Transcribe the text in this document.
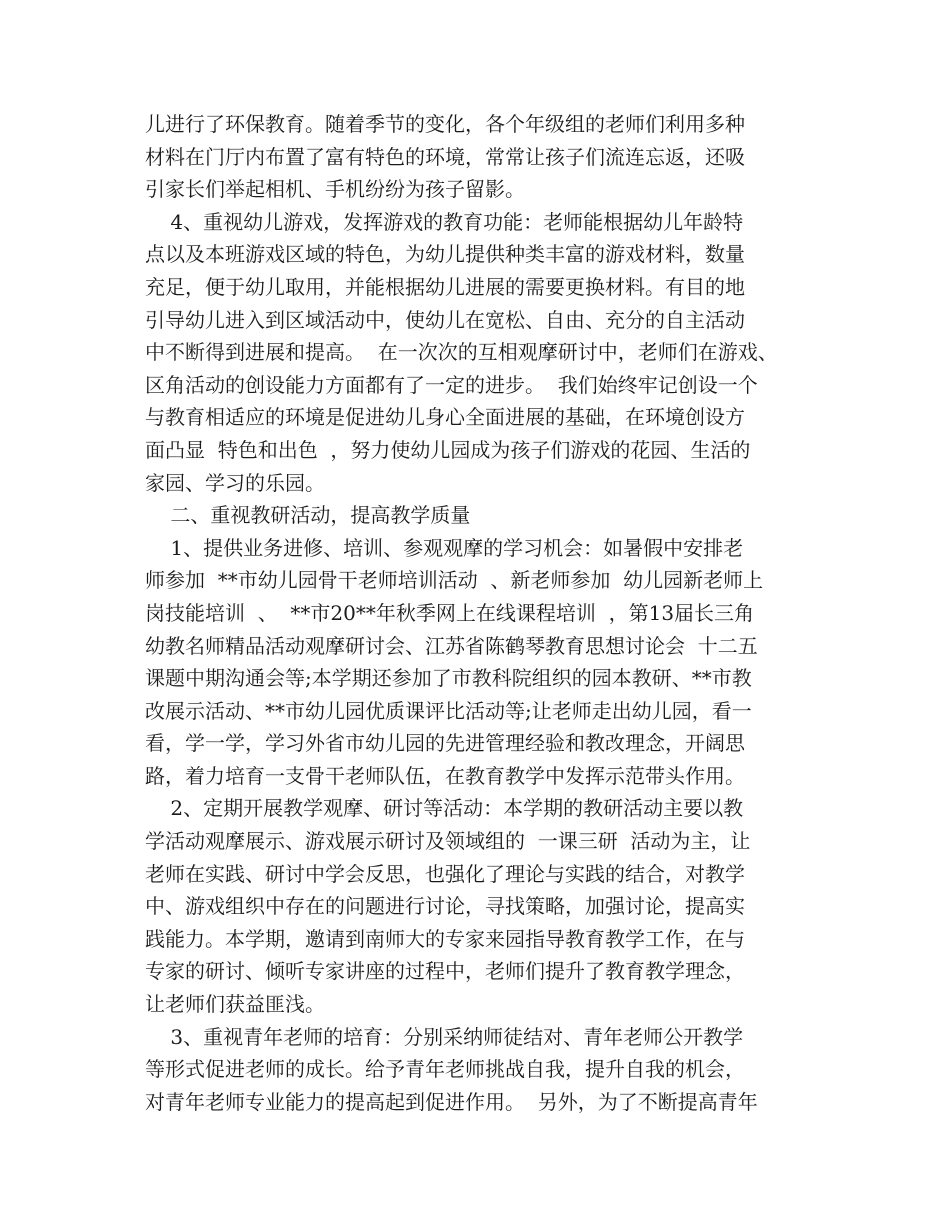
儿进行了环保教育。随着季节的变化，各个年级组的老师们利用多种
材料在门厅内布置了富有特色的环境，常常让孩子们流连忘返，还吸
引家长们举起相机、手机纷纷为孩子留影。
4、重视幼儿游戏，发挥游戏的教育功能：老师能根据幼儿年龄特
点以及本班游戏区域的特色，为幼儿提供种类丰富的游戏材料，数量
充足，便于幼儿取用，并能根据幼儿进展的需要更换材料。有目的地
引导幼儿进入到区域活动中，使幼儿在宽松、自由、充分的自主活动
中不断得到进展和提高。  在一次次的互相观摩研讨中，老师们在游戏、
区角活动的创设能力方面都有了一定的进步。  我们始终牢记创设一个
与教育相适应的环境是促进幼儿身心全面进展的基础，在环境创设方
面凸显  特色和出色  ，努力使幼儿园成为孩子们游戏的花园、生活的
家园、学习的乐园。
二、重视教研活动，提高教学质量
1、提供业务进修、培训、参观观摩的学习机会：如暑假中安排老
师参加  **市幼儿园骨干老师培训活动  、新老师参加  幼儿园新老师上
岗技能培训  、  **市20**年秋季网上在线课程培训  ，第13届长三角
幼教名师精品活动观摩研讨会、江苏省陈鹤琴教育思想讨论会  十二五
课题中期沟通会等;本学期还参加了市教科院组织的园本教研、**市教
改展示活动、**市幼儿园优质课评比活动等;让老师走出幼儿园，看一
看，学一学，学习外省市幼儿园的先进管理经验和教改理念，开阔思
路，着力培育一支骨干老师队伍，在教育教学中发挥示范带头作用。
2、定期开展教学观摩、研讨等活动：本学期的教研活动主要以教
学活动观摩展示、游戏展示研讨及领域组的  一课三研  活动为主，让
老师在实践、研讨中学会反思，也强化了理论与实践的结合，对教学
中、游戏组织中存在的问题进行讨论，寻找策略，加强讨论，提高实
践能力。本学期，邀请到南师大的专家来园指导教育教学工作，在与
专家的研讨、倾听专家讲座的过程中，老师们提升了教育教学理念，
让老师们获益匪浅。
3、重视青年老师的培育：分别采纳师徒结对、青年老师公开教学
等形式促进老师的成长。给予青年老师挑战自我，提升自我的机会，
对青年老师专业能力的提高起到促进作用。  另外，为了不断提高青年
